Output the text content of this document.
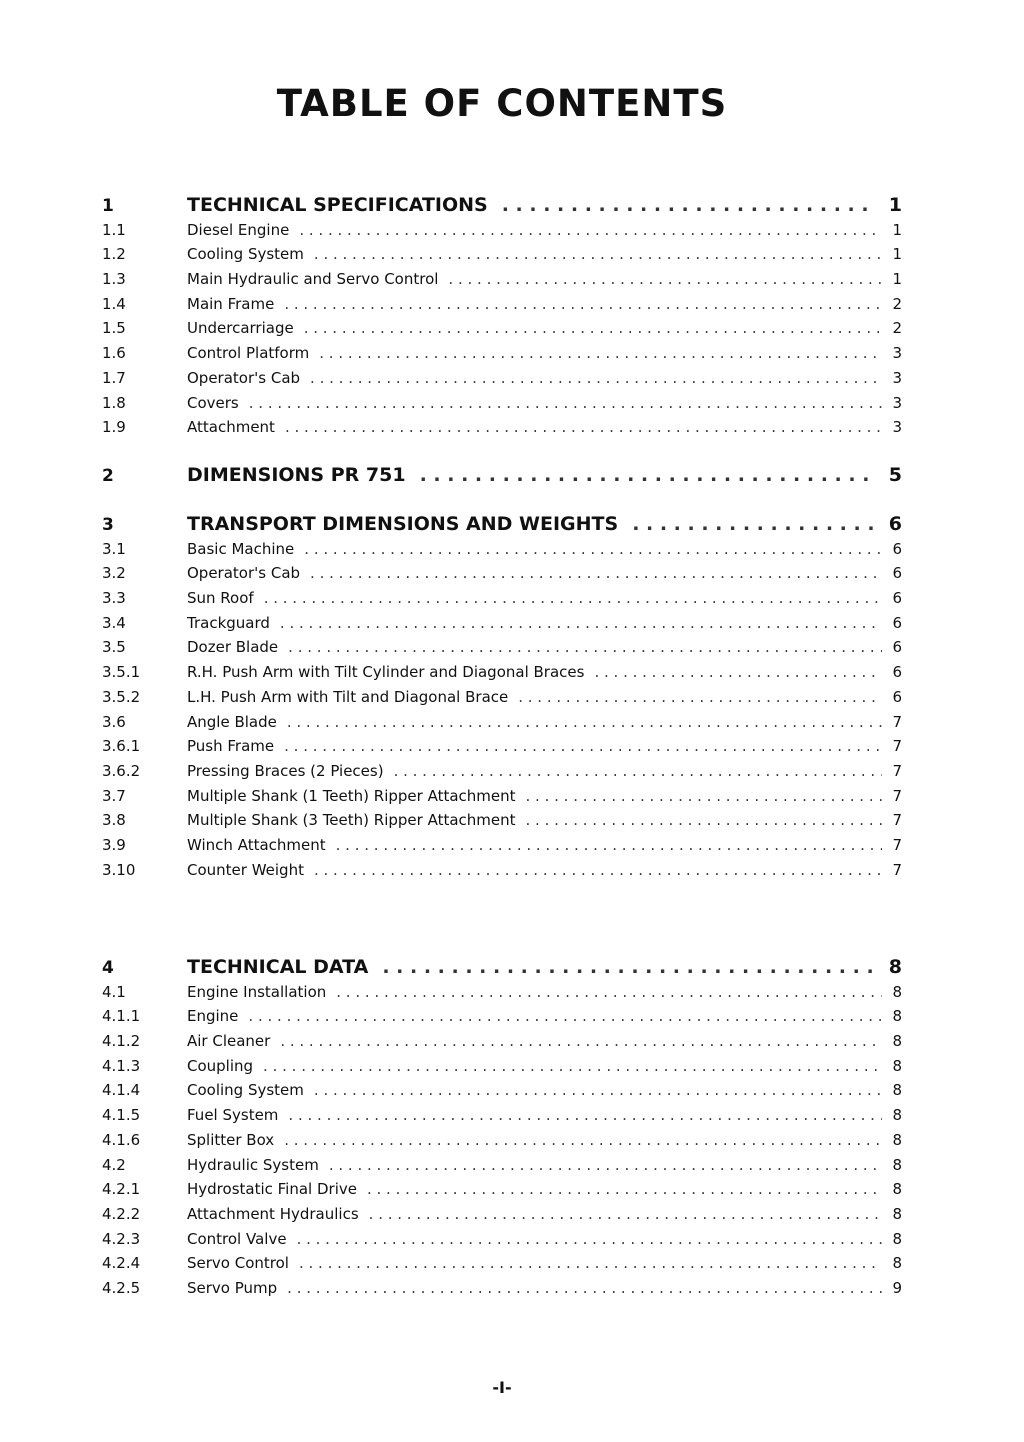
TABLE OF CONTENTS
1	TECHNICAL SPECIFICATIONS . . .	1
1.1	Diesel Engine . . .	1
1.2	Cooling System . . .	1
1.3	Main Hydraulic and Servo Control . . .	1
1.4	Main Frame . . .	2
1.5	Undercarriage . . .	2
1.6	Control Platform . . .	3
1.7	Operator's Cab . . .	3
1.8	Covers . . .	3
1.9	Attachment . . .	3
2	DIMENSIONS PR 751 . . .	5
3	TRANSPORT DIMENSIONS AND WEIGHTS . . .	6
3.1	Basic Machine . . .	6
3.2	Operator's Cab . . .	6
3.3	Sun Roof . . .	6
3.4	Trackguard . . .	6
3.5	Dozer Blade . . .	6
3.5.1	R.H. Push Arm with Tilt Cylinder and Diagonal Braces . . .	6
3.5.2	L.H. Push Arm with Tilt and Diagonal Brace . . .	6
3.6	Angle Blade . . .	7
3.6.1	Push Frame . . .	7
3.6.2	Pressing Braces (2 Pieces) . . .	7
3.7	Multiple Shank (1 Teeth) Ripper Attachment . . .	7
3.8	Multiple Shank (3 Teeth) Ripper Attachment . . .	7
3.9	Winch Attachment . . .	7
3.10	Counter Weight . . .	7
4	TECHNICAL DATA . . .	8
4.1	Engine Installation . . .	8
4.1.1	Engine . . .	8
4.1.2	Air Cleaner . . .	8
4.1.3	Coupling . . .	8
4.1.4	Cooling System . . .	8
4.1.5	Fuel System . . .	8
4.1.6	Splitter Box . . .	8
4.2	Hydraulic System . . .	8
4.2.1	Hydrostatic Final Drive . . .	8
4.2.2	Attachment Hydraulics . . .	8
4.2.3	Control Valve . . .	8
4.2.4	Servo Control . . .	8
4.2.5	Servo Pump . . .	9
-I-
